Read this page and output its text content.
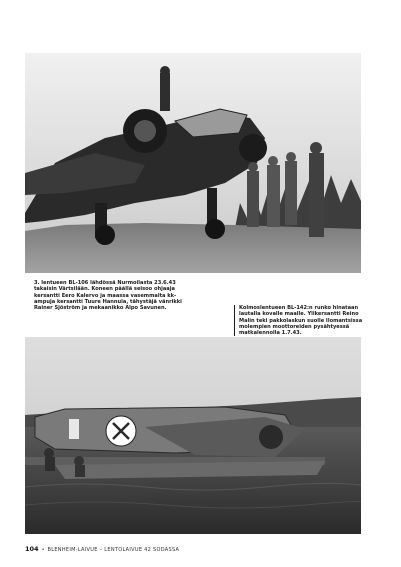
3. lentueen BL-106 lähdössä Nurmoilasta 23.6.43 takaisin Värtsilään. Koneen päällä seisoo ohjaaja kersantti Eero Kalervo ja maassa vasemmalta kk-ampuja kersantti Tuure Hannula, tähystäjä vänrikki Rainer Sjöström ja mekaanikko Alpo Savunen.	Kolmoslentueen BL-142:n runko hinataan lautalla kovalle maalle. Ylikersantti Reino Malin teki pakkolaskun suolle Ilomantsissa molempien moottoreiden pysähtyessä matkalennolla 1.7.43.

104 • BLENHEIM-LAIVUE – LENTOLAIVUE 42 SODASSA
